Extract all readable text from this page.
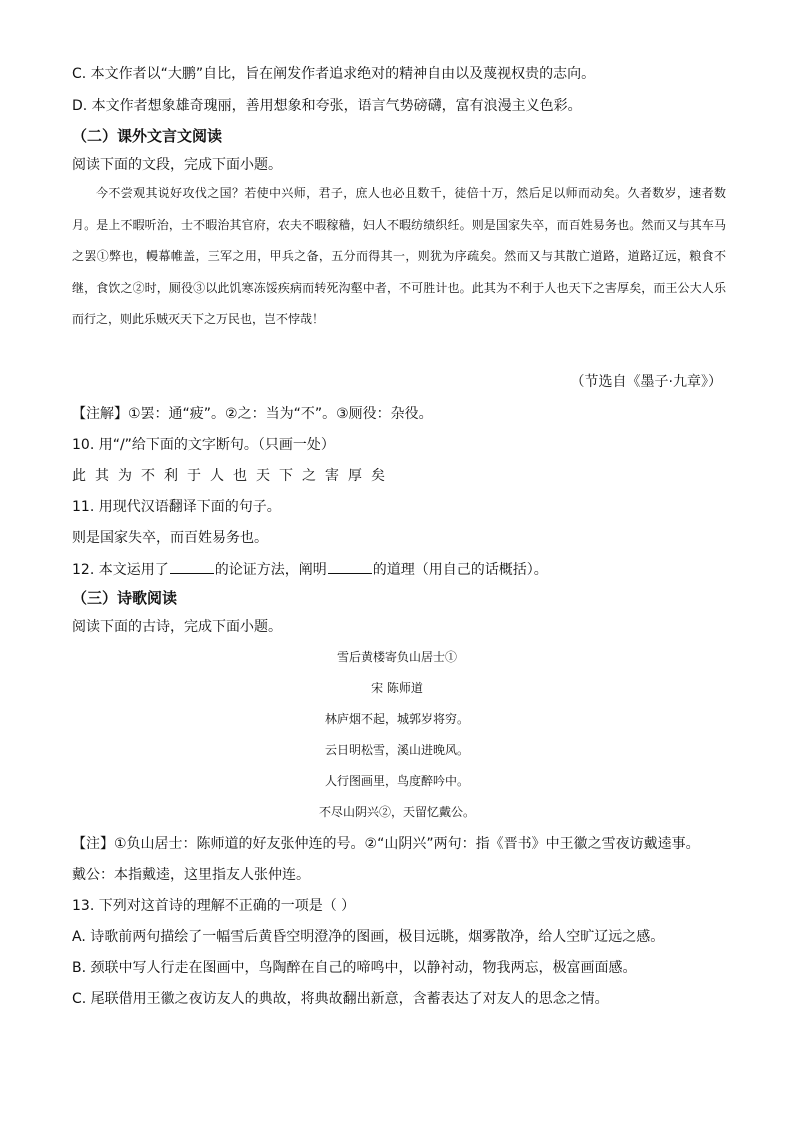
C. 本文作者以“大鹏”自比，旨在阐发作者追求绝对的精神自由以及蔑视权贵的志向。
D. 本文作者想象雄奇瑰丽，善用想象和夸张，语言气势磅礴，富有浪漫主义色彩。
（二）课外文言文阅读
阅读下面的文段，完成下面小题。

今不尝观其说好攻伐之国？若使中兴师，君子，庶人也必且数千，徒倍十万，然后足以师而动矣。久者数岁，速者数月。是上不暇听治，士不暇治其官府，农夫不暇稼穑，妇人不暇纺绩织纴。则是国家失卒，而百姓易务也。然而又与其车马之罢①弊也，幔幕帷盖，三军之用，甲兵之备，五分而得其一，则犹为序疏矣。然而又与其散亡道路，道路辽远，粮食不继，食饮之②时，厕役③以此饥寒冻馁疾病而转死沟壑中者，不可胜计也。此其为不利于人也天下之害厚矣，而王公大人乐而行之，则此乐贼灭天下之万民也，岂不悖哉！

（节选自《墨子·九章》）
【注解】①罢：通“疲”。②之：当为“不”。③厕役：杂役。
10. 用“/”给下面的文字断句。（只画一处）
此其为不利于人也天下之害厚矣
11. 用现代汉语翻译下面的句子。
则是国家失卒，而百姓易务也。
12. 本文运用了	的论证方法，阐明	的道理（用自己的话概括）。
（三）诗歌阅读
阅读下面的古诗，完成下面小题。
雪后黄楼寄负山居士①
宋 陈师道
林庐烟不起，城郭岁将穷。
云日明松雪，溪山进晚风。
人行图画里，鸟度醉吟中。
不尽山阴兴②，天留忆戴公。
【注】①负山居士：陈师道的好友张仲连的号。②“山阴兴”两句：指《晋书》中王徽之雪夜访戴逵事。
戴公：本指戴逵，这里指友人张仲连。
13. 下列对这首诗的理解不正确的一项是（ ）
A. 诗歌前两句描绘了一幅雪后黄昏空明澄净的图画，极目远眺，烟雾散净，给人空旷辽远之感。
B. 颈联中写人行走在图画中，鸟陶醉在自己的啼鸣中，以静衬动，物我两忘，极富画面感。
C. 尾联借用王徽之夜访友人的典故，将典故翻出新意，含蓄表达了对友人的思念之情。
